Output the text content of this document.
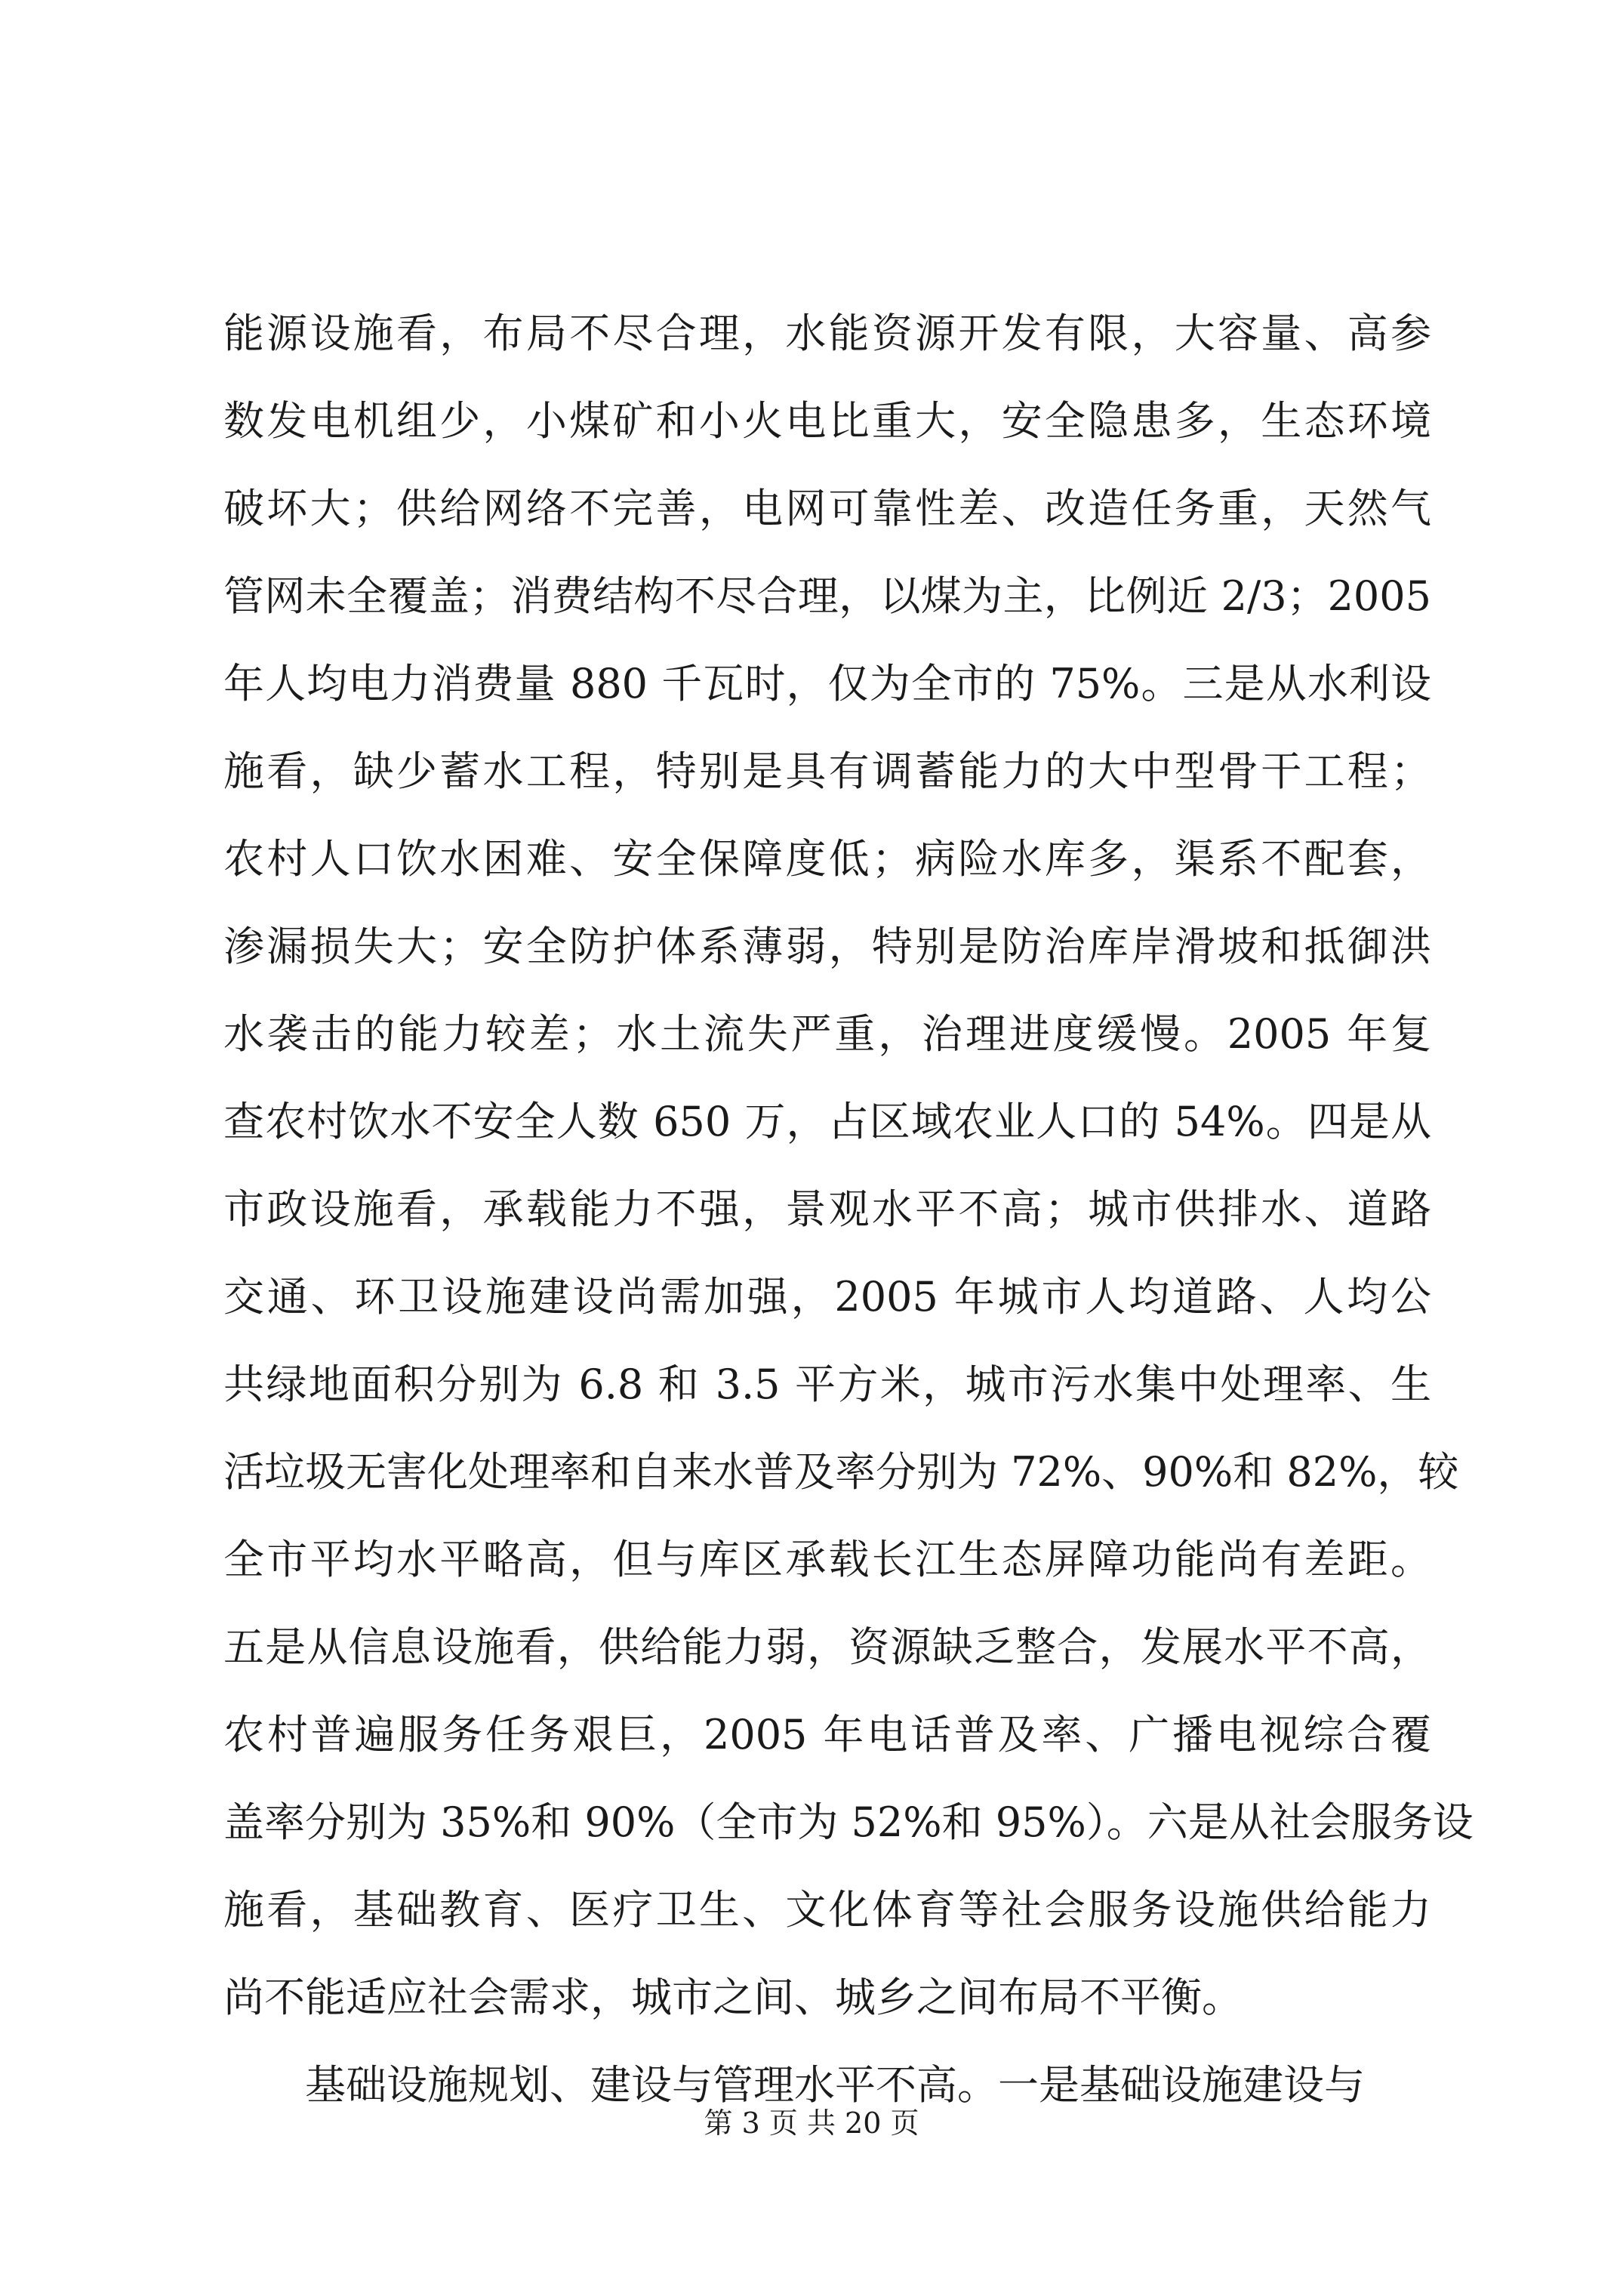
能源设施看，布局不尽合理，水能资源开发有限，大容量、高参
数发电机组少，小煤矿和小火电比重大，安全隐患多，生态环境
破坏大；供给网络不完善，电网可靠性差、改造任务重，天然气
管网未全覆盖；消费结构不尽合理，以煤为主，比例近 2/3；2005
年人均电力消费量 880 千瓦时，仅为全市的 75%。三是从水利设
施看，缺少蓄水工程，特别是具有调蓄能力的大中型骨干工程；
农村人口饮水困难、安全保障度低；病险水库多，渠系不配套，
渗漏损失大；安全防护体系薄弱，特别是防治库岸滑坡和抵御洪
水袭击的能力较差；水土流失严重，治理进度缓慢。2005 年复
查农村饮水不安全人数 650 万，占区域农业人口的 54%。四是从
市政设施看，承载能力不强，景观水平不高；城市供排水、道路
交通、环卫设施建设尚需加强，2005 年城市人均道路、人均公
共绿地面积分别为 6.8 和 3.5 平方米，城市污水集中处理率、生
活垃圾无害化处理率和自来水普及率分别为 72%、90%和 82%，较
全市平均水平略高，但与库区承载长江生态屏障功能尚有差距。
五是从信息设施看，供给能力弱，资源缺乏整合，发展水平不高，
农村普遍服务任务艰巨，2005 年电话普及率、广播电视综合覆
盖率分别为 35%和 90%（全市为 52%和 95%）。六是从社会服务设
施看，基础教育、医疗卫生、文化体育等社会服务设施供给能力
尚不能适应社会需求，城市之间、城乡之间布局不平衡。
基础设施规划、建设与管理水平不高。一是基础设施建设与
第 3 页 共 20 页
